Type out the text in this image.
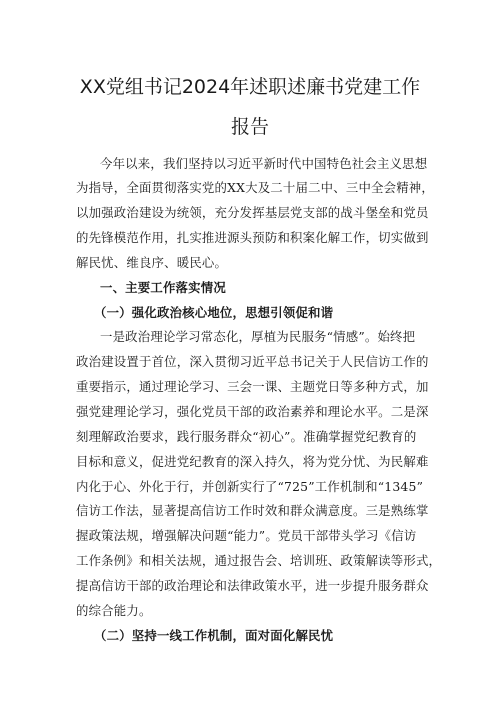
XX党组书记2024年述职述廉书党建工作
报告

今年以来，我们坚持以习近平新时代中国特色社会主义思想

为指导，全面贯彻落实党的XX大及二十届二中、三中全会精神，

以加强政治建设为统领，充分发挥基层党支部的战斗堡垒和党员

的先锋模范作用，扎实推进源头预防和积案化解工作，切实做到

解民忧、维良序、暖民心。

一、主要工作落实情况

（一）强化政治核心地位，思想引领促和谐

一是政治理论学习常态化，厚植为民服务“情感”。始终把

政治建设置于首位，深入贯彻习近平总书记关于人民信访工作的

重要指示，通过理论学习、三会一课、主题党日等多种方式，加

强党建理论学习，强化党员干部的政治素养和理论水平。二是深

刻理解政治要求，践行服务群众“初心”。准确掌握党纪教育的

目标和意义，促进党纪教育的深入持久，将为党分忧、为民解难

内化于心、外化于行，并创新实行了“725”工作机制和“1345”

信访工作法，显著提高信访工作时效和群众满意度。三是熟练掌

握政策法规，增强解决问题“能力”。党员干部带头学习《信访

工作条例》和相关法规，通过报告会、培训班、政策解读等形式，

提高信访干部的政治理论和法律政策水平，进一步提升服务群众

的综合能力。

（二）坚持一线工作机制，面对面化解民忧
